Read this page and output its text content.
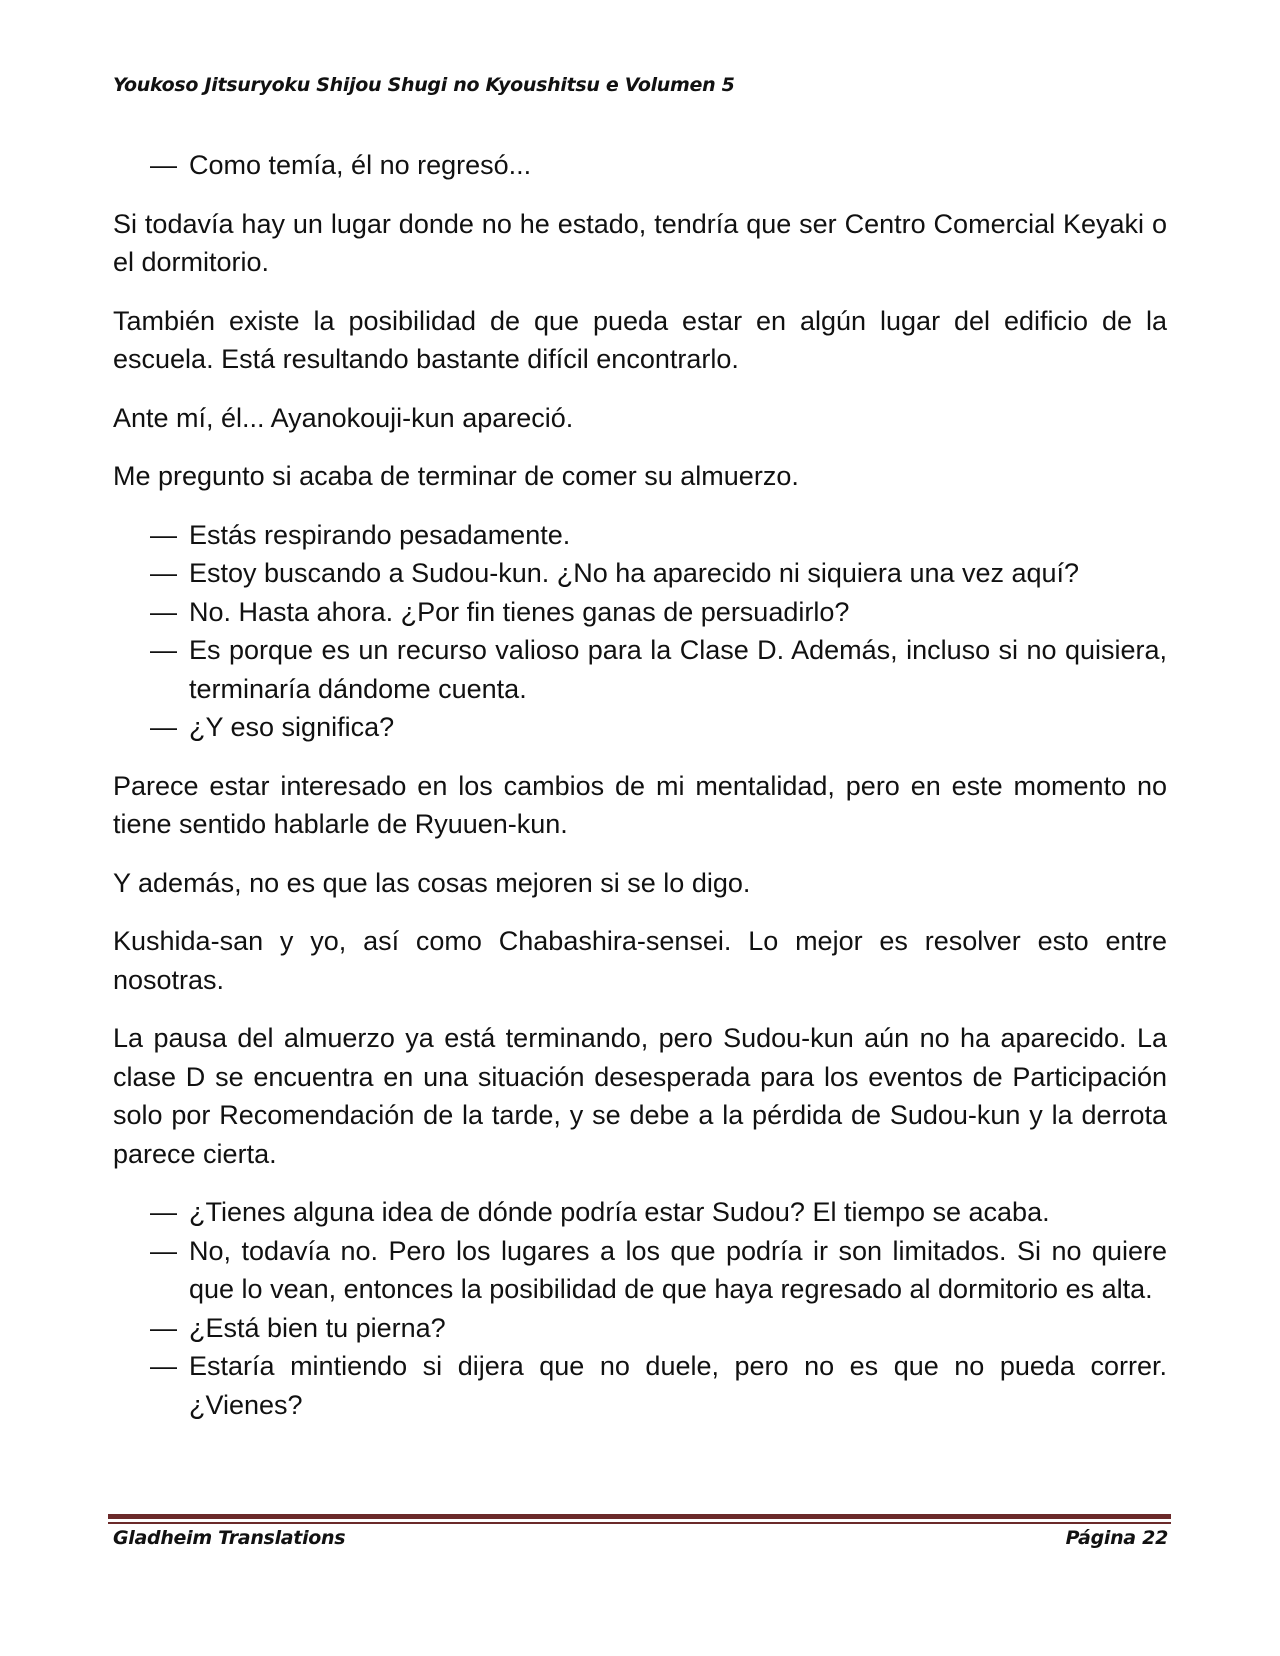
Youkoso Jitsuryoku Shijou Shugi no Kyoushitsu e Volumen 5
— Como temía, él no regresó...

Si todavía hay un lugar donde no he estado, tendría que ser Centro Comercial Keyaki o el dormitorio.

También existe la posibilidad de que pueda estar en algún lugar del edificio de la escuela. Está resultando bastante difícil encontrarlo.

Ante mí, él... Ayanokouji-kun apareció.

Me pregunto si acaba de terminar de comer su almuerzo.

— Estás respirando pesadamente.
— Estoy buscando a Sudou-kun. ¿No ha aparecido ni siquiera una vez aquí?
— No. Hasta ahora. ¿Por fin tienes ganas de persuadirlo?
— Es porque es un recurso valioso para la Clase D. Además, incluso si no quisiera, terminaría dándome cuenta.
— ¿Y eso significa?

Parece estar interesado en los cambios de mi mentalidad, pero en este momento no tiene sentido hablarle de Ryuuen-kun.

Y además, no es que las cosas mejoren si se lo digo.

Kushida-san y yo, así como Chabashira-sensei. Lo mejor es resolver esto entre nosotras.

La pausa del almuerzo ya está terminando, pero Sudou-kun aún no ha aparecido. La clase D se encuentra en una situación desesperada para los eventos de Participación solo por Recomendación de la tarde, y se debe a la pérdida de Sudou-kun y la derrota parece cierta.

— ¿Tienes alguna idea de dónde podría estar Sudou? El tiempo se acaba.
— No, todavía no. Pero los lugares a los que podría ir son limitados. Si no quiere que lo vean, entonces la posibilidad de que haya regresado al dormitorio es alta.
— ¿Está bien tu pierna?
— Estaría mintiendo si dijera que no duele, pero no es que no pueda correr. ¿Vienes?
Gladheim Translations	Página 22
